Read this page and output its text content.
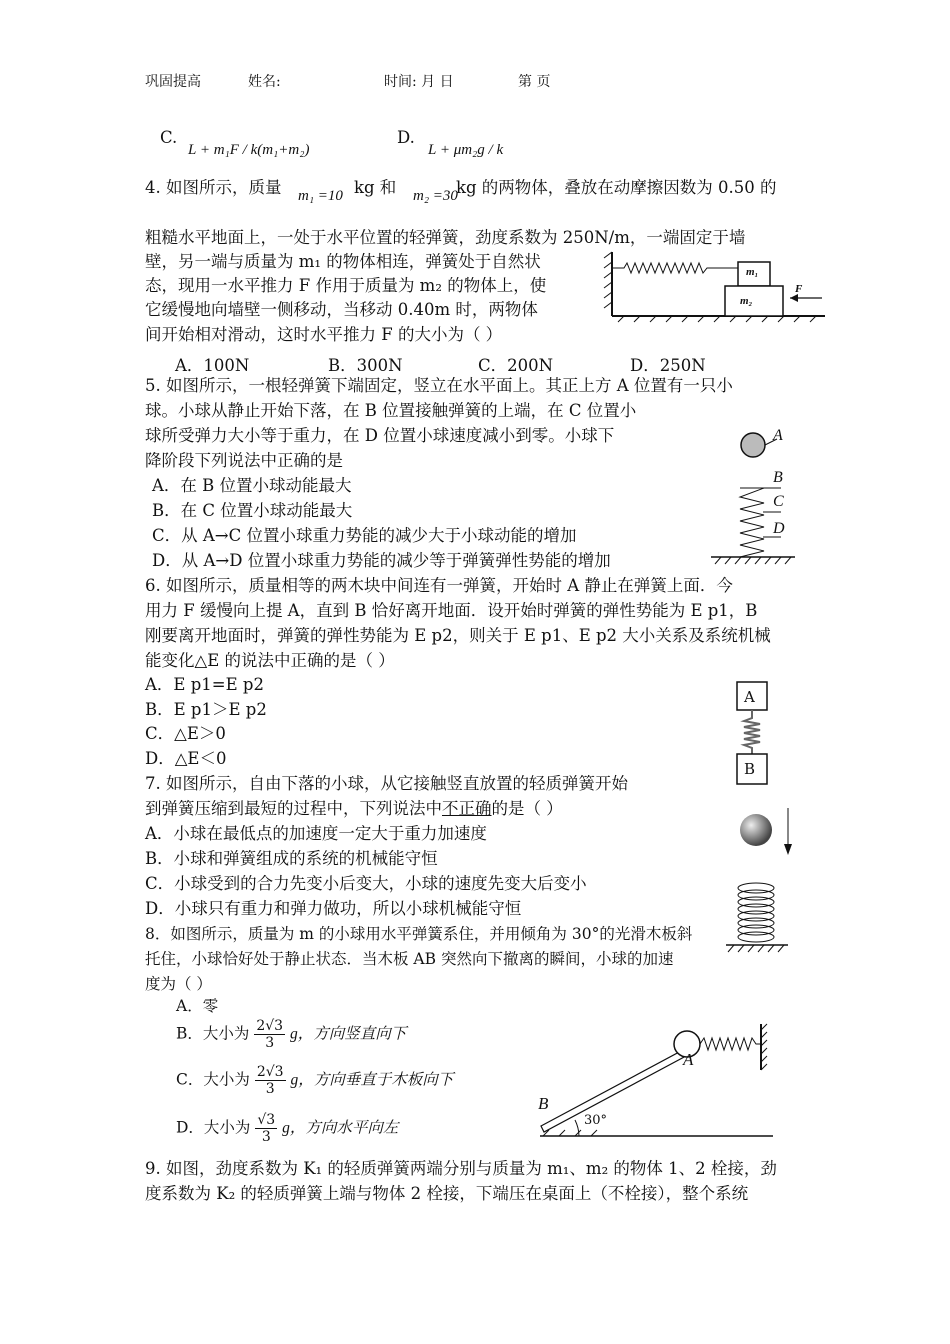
巩固提高	姓名:	时间: 月 日	第 页
C.
L + m₁F / k(m₁+m₂)
D.
L + μm₂g / k
4. 如图所示，质量 m₁ =10 kg 和 m₂ =30
kg 的两物体，叠放在动摩擦因数为 0.50 的
粗糙水平地面上，一处于水平位置的轻弹簧，劲度系数为 250N/m，一端固定于墙
壁，另一端与质量为 m₁ 的物体相连，弹簧处于自然状
态，现用一水平推力 F 作用于质量为 m₂ 的物体上，使
它缓慢地向墙壁一侧移动，当移动 0.40m 时，两物体
间开始相对滑动，这时水平推力 F 的大小为（ ）
A．100N	B．300N	C．200N	D．250N
m₁
m₂
F
5. 如图所示，一根轻弹簧下端固定，竖立在水平面上。其正上方 A 位置有一只小
球。小球从静止开始下落，在 B 位置接触弹簧的上端，在 C 位置小
球所受弹力大小等于重力，在 D 位置小球速度减小到零。小球下
降阶段下列说法中正确的是
A．在 B 位置小球动能最大
B．在 C 位置小球动能最大
C．从 A→C 位置小球重力势能的减少大于小球动能的增加
D．从 A→D 位置小球重力势能的减少等于弹簧弹性势能的增加
A
B
C
D
6. 如图所示，质量相等的两木块中间连有一弹簧，开始时 A 静止在弹簧上面．今
用力 F 缓慢向上提 A，直到 B 恰好离开地面．设开始时弹簧的弹性势能为 E p1，B
刚要离开地面时，弹簧的弹性势能为 E p2，则关于 E p1、E p2 大小关系及系统机械
能变化△E 的说法中正确的是（ ）
A．E p1=E p2
B．E p1＞E p2
C．△E＞0
D．△E＜0
A
B
7. 如图所示，自由下落的小球，从它接触竖直放置的轻质弹簧开始
到弹簧压缩到最短的过程中，下列说法中不正确的是（ ）
A．小球在最低点的加速度一定大于重力加速度
B．小球和弹簧组成的系统的机械能守恒
C．小球受到的合力先变小后变大，小球的速度先变大后变小
D．小球只有重力和弹力做功，所以小球机械能守恒
8．如图所示，质量为 m 的小球用水平弹簧系住，并用倾角为 30°的光滑木板斜
托住，小球恰好处于静止状态．当木板 AB 突然向下撤离的瞬间，小球的加速
度为（ ）
A．零
B．大小为 $\frac{2√3}{3}$ g，方向竖直向下
C．大小为 $\frac{2√3}{3}$ g，方向垂直于木板向下
D．大小为 $\frac{√3}{3}$ g，方向水平向左
A
B
30°
9. 如图，劲度系数为 K₁ 的轻质弹簧两端分别与质量为 m₁、m₂ 的物体 1、2 栓接，劲
度系数为 K₂ 的轻质弹簧上端与物体 2 栓接，下端压在桌面上（不栓接），整个系统
